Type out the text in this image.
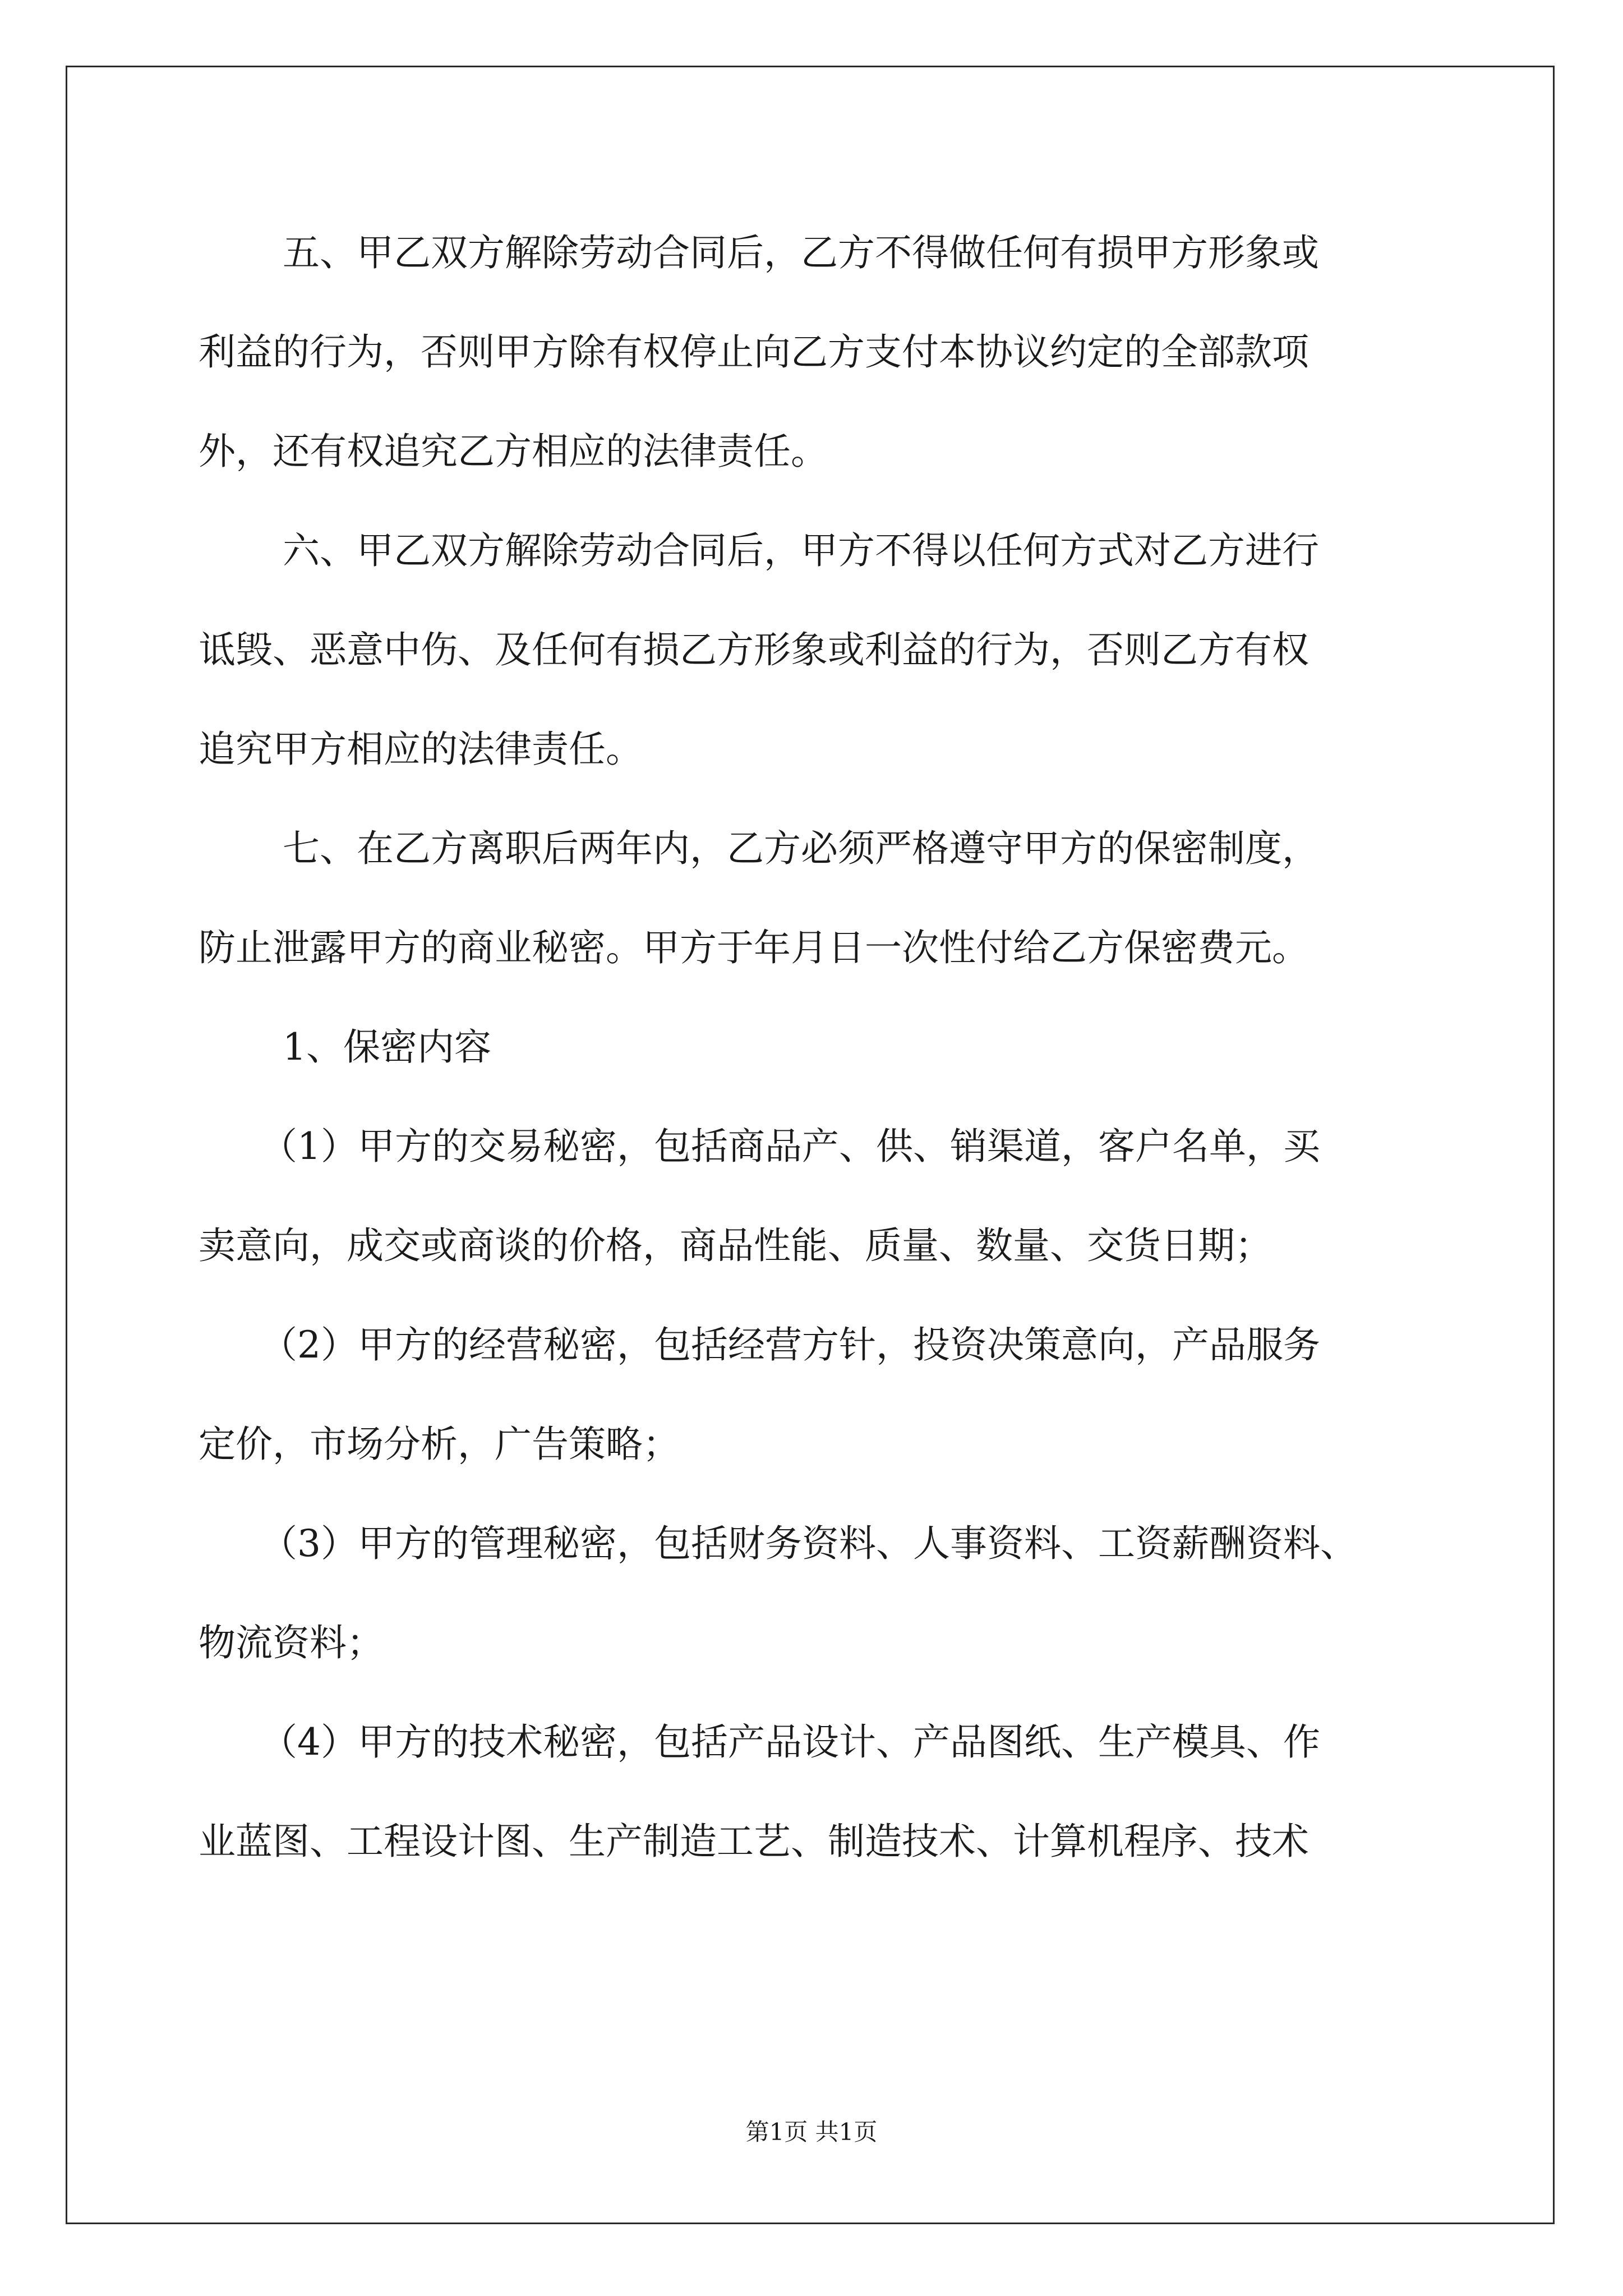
五、甲乙双方解除劳动合同后，乙方不得做任何有损甲方形象或
利益的行为，否则甲方除有权停止向乙方支付本协议约定的全部款项
外，还有权追究乙方相应的法律责任。
六、甲乙双方解除劳动合同后，甲方不得以任何方式对乙方进行
诋毁、恶意中伤、及任何有损乙方形象或利益的行为，否则乙方有权
追究甲方相应的法律责任。
七、在乙方离职后两年内，乙方必须严格遵守甲方的保密制度，
防止泄露甲方的商业秘密。甲方于年月日一次性付给乙方保密费元。
1、保密内容
（1）甲方的交易秘密，包括商品产、供、销渠道，客户名单，买
卖意向，成交或商谈的价格，商品性能、质量、数量、交货日期；
（2）甲方的经营秘密，包括经营方针，投资决策意向，产品服务
定价，市场分析，广告策略；
（3）甲方的管理秘密，包括财务资料、人事资料、工资薪酬资料、
物流资料；
（4）甲方的技术秘密，包括产品设计、产品图纸、生产模具、作
业蓝图、工程设计图、生产制造工艺、制造技术、计算机程序、技术
第1页 共1页
